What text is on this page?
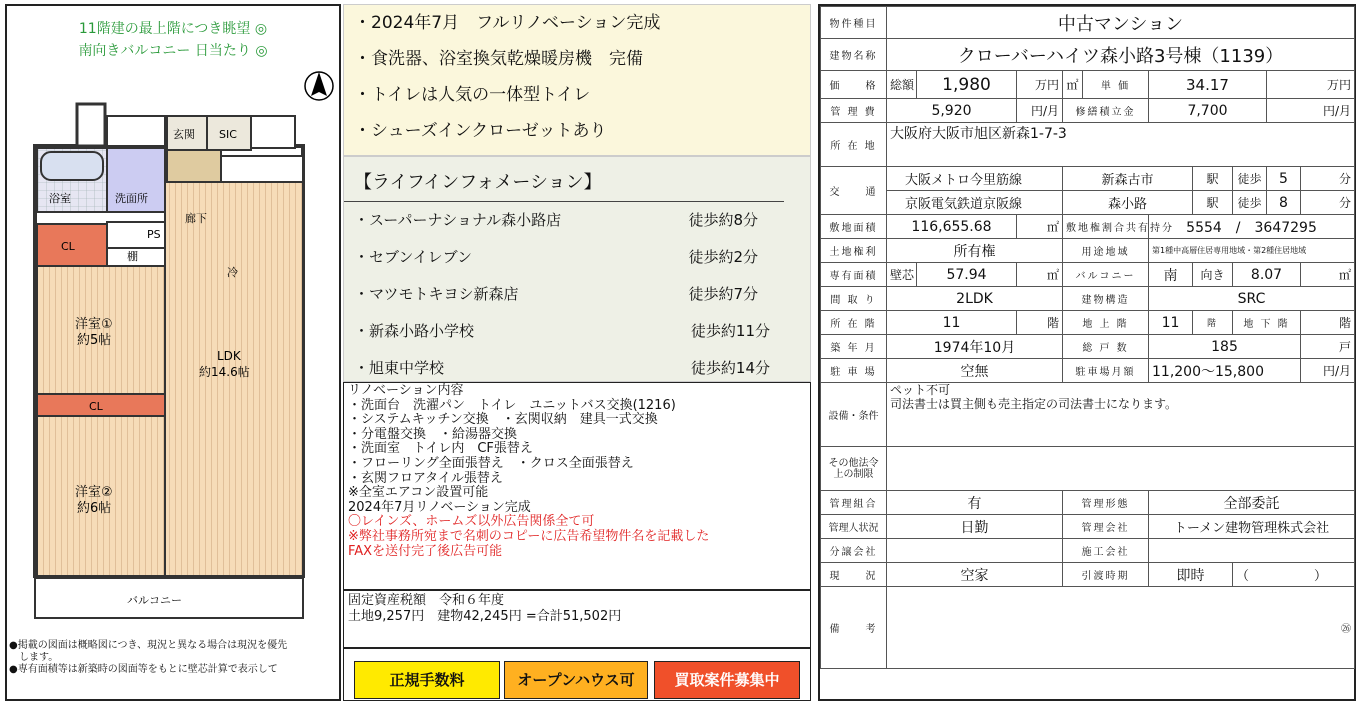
11階建の最上階につき眺望 ◎
南向きバルコニー 日当たり ◎
玄関 SIC
浴室	洗面所
廊下
CL
PS
棚
冷
洋室①
約5帖
LDK
約14.6帖
CL
洋室②
約6帖
バルコニー
●掲載の図面は概略図につき、現況と異なる場合は現況を優先
　します。
●専有面積等は新築時の図面等をもとに壁芯計算で表示して
・2024年7月　フルリノベーション完成
・食洗器、浴室換気乾燥暖房機　完備
・トイレは人気の一体型トイレ
・シューズインクローゼットあり
【ライフインフォメーション】
・スーパーナショナル森小路店	徒歩約8分
・セブンイレブン	徒歩約2分
・マツモトキヨシ新森店	徒歩約7分
・新森小路小学校	徒歩約11分
・旭東中学校	徒歩約14分
リノベーション内容
・洗面台　洗濯パン　トイレ　ユニットバス交換(1216)
・システムキッチン交換　・玄関収納　建具一式交換
・分電盤交換　・給湯器交換
・洗面室　トイレ内　CF張替え
・フローリング全面張替え　・クロス全面張替え
・玄関フロアタイル張替え
※全室エアコン設置可能
2024年7月リノベーション完成
〇レインズ、ホームズ以外広告関係全て可
※弊社事務所宛まで名刺のコピーに広告希望物件名を記載した
FAXを送付完了後広告可能
固定資産税額　令和６年度
土地9,257円　建物42,245円 =合計51,502円
正規手数料	オープンハウス可	買取案件募集中
物件種目	中古マンション									
建物名称	クローバーハイツ森小路3号棟（1139）									
価　　格	総額	1,980	万円	㎡	単 価	34.17			万円	
管 理 費	5,920		円/月	修繕積立金		7,700			円/月	
所 在 地	大阪府大阪市旭区新森1-7-3									
交　　通	大阪メトロ今里筋線			新森古市			駅	徒歩	5	分
	京阪電気鉄道京阪線			森小路			駅	徒歩	8	分
敷地面積	116,655.68		㎡	敷地権割合共有持分		5554　/　3647295				
土地権利	所有権			用途地域		第1種中高層住居専用地域・第2種住居地域				
専有面積	壁芯	57.94	㎡	バルコニー		南	向き	8.07		㎡
間 取 り	2LDK			建物構造		SRC				
所 在 階	11		階	地 上 階		11	階	地 下 階		階
築 年 月	1974年10月			総 戸 数		185				戸
駐 車 場	空無			駐車場月額		11,200～15,800				円/月
設備・条件	ペット不可
司法書士は買主側も売主指定の司法書士になります。									

その他法令上の制限										
管理組合	有			管理形態		全部委託				
管理人状況	日勤			管理会社		トーメン建物管理株式会社				
分譲会社				施工会社						
現　　況	空家			引渡時期		即時		（　　　　　）		
備　　考	㉖									
